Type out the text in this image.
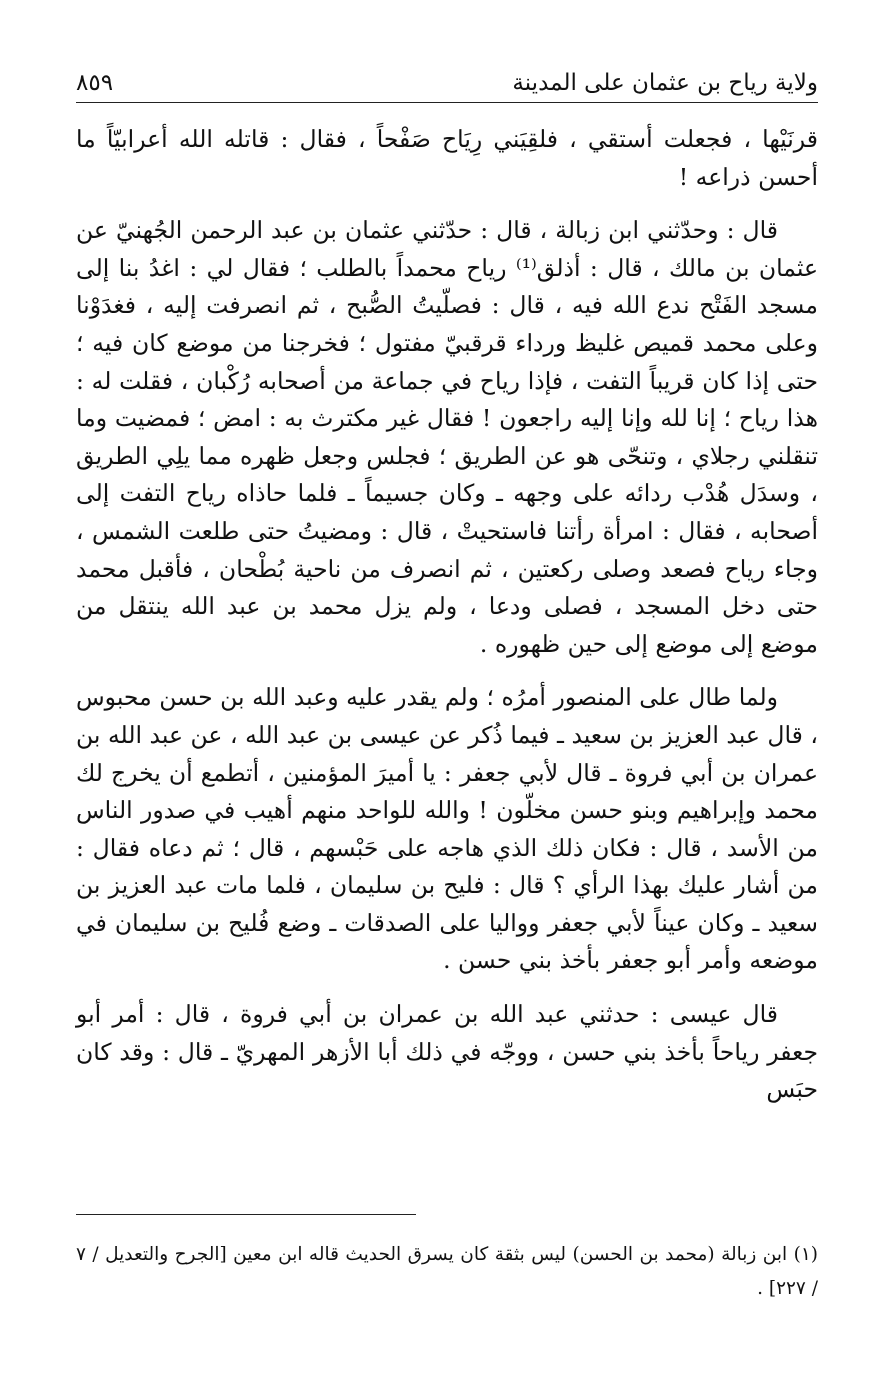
ولاية رياح بن عثمان على المدينة
٨٥٩

قرنَيْها ، فجعلت أستقي ، فلقِيَني رِيَاح صَفْحاً ، فقال : قاتله الله أعرابيّاً ما أحسن ذراعه !

قال : وحدّثني ابن زبالة ، قال : حدّثني عثمان بن عبد الرحمن الجُهنيّ عن عثمان بن مالك ، قال : أذلق⁽¹⁾ رياح محمداً بالطلب ؛ فقال لي : اغدُ بنا إلى مسجد الفَتْح ندع الله فيه ، قال : فصلّيتُ الصُّبح ، ثم انصرفت إليه ، فغدَوْنا وعلى محمد قميص غليظ ورداء قرقبيّ مفتول ؛ فخرجنا من موضع كان فيه ؛ حتى إذا كان قريباً التفت ، فإذا رياح في جماعة من أصحابه رُكْبان ، فقلت له : هذا رياح ؛ إنا لله وإنا إليه راجعون ! فقال غير مكترث به : امض ؛ فمضيت وما تنقلني رجلاي ، وتنحّى هو عن الطريق ؛ فجلس وجعل ظهره مما يلِي الطريق ، وسدَل هُدْب ردائه على وجهه ـ وكان جسيماً ـ فلما حاذاه رياح التفت إلى أصحابه ، فقال : امرأة رأتنا فاستحيتْ ، قال : ومضيتُ حتى طلعت الشمس ، وجاء رياح فصعد وصلى ركعتين ، ثم انصرف من ناحية بُطْحان ، فأقبل محمد حتى دخل المسجد ، فصلى ودعا ، ولم يزل محمد بن عبد الله ينتقل من موضع إلى موضع إلى حين ظهوره .

ولما طال على المنصور أمرُه ؛ ولم يقدر عليه وعبد الله بن حسن محبوس ، قال عبد العزيز بن سعيد ـ فيما ذُكر عن عيسى بن عبد الله ، عن عبد الله بن عمران بن أبي فروة ـ قال لأبي جعفر : يا أميرَ المؤمنين ، أتطمع أن يخرج لك محمد وإبراهيم وبنو حسن مخلّون ! والله للواحد منهم أهيب في صدور الناس من الأسد ، قال : فكان ذلك الذي هاجه على حَبْسهم ، قال ؛ ثم دعاه فقال : من أشار عليك بهذا الرأي ؟ قال : فليح بن سليمان ، فلما مات عبد العزيز بن سعيد ـ وكان عيناً لأبي جعفر وواليا على الصدقات ـ وضع فُليح بن سليمان في موضعه وأمر أبو جعفر بأخذ بني حسن .

قال عيسى : حدثني عبد الله بن عمران بن أبي فروة ، قال : أمر أبو جعفر رياحاً بأخذ بني حسن ، ووجّه في ذلك أبا الأزهر المهريّ ـ قال : وقد كان حبَس

(١) ابن زبالة (محمد بن الحسن) ليس بثقة كان يسرق الحديث قاله ابن معين [الجرح والتعديل / ٧ / ٢٢٧] .
